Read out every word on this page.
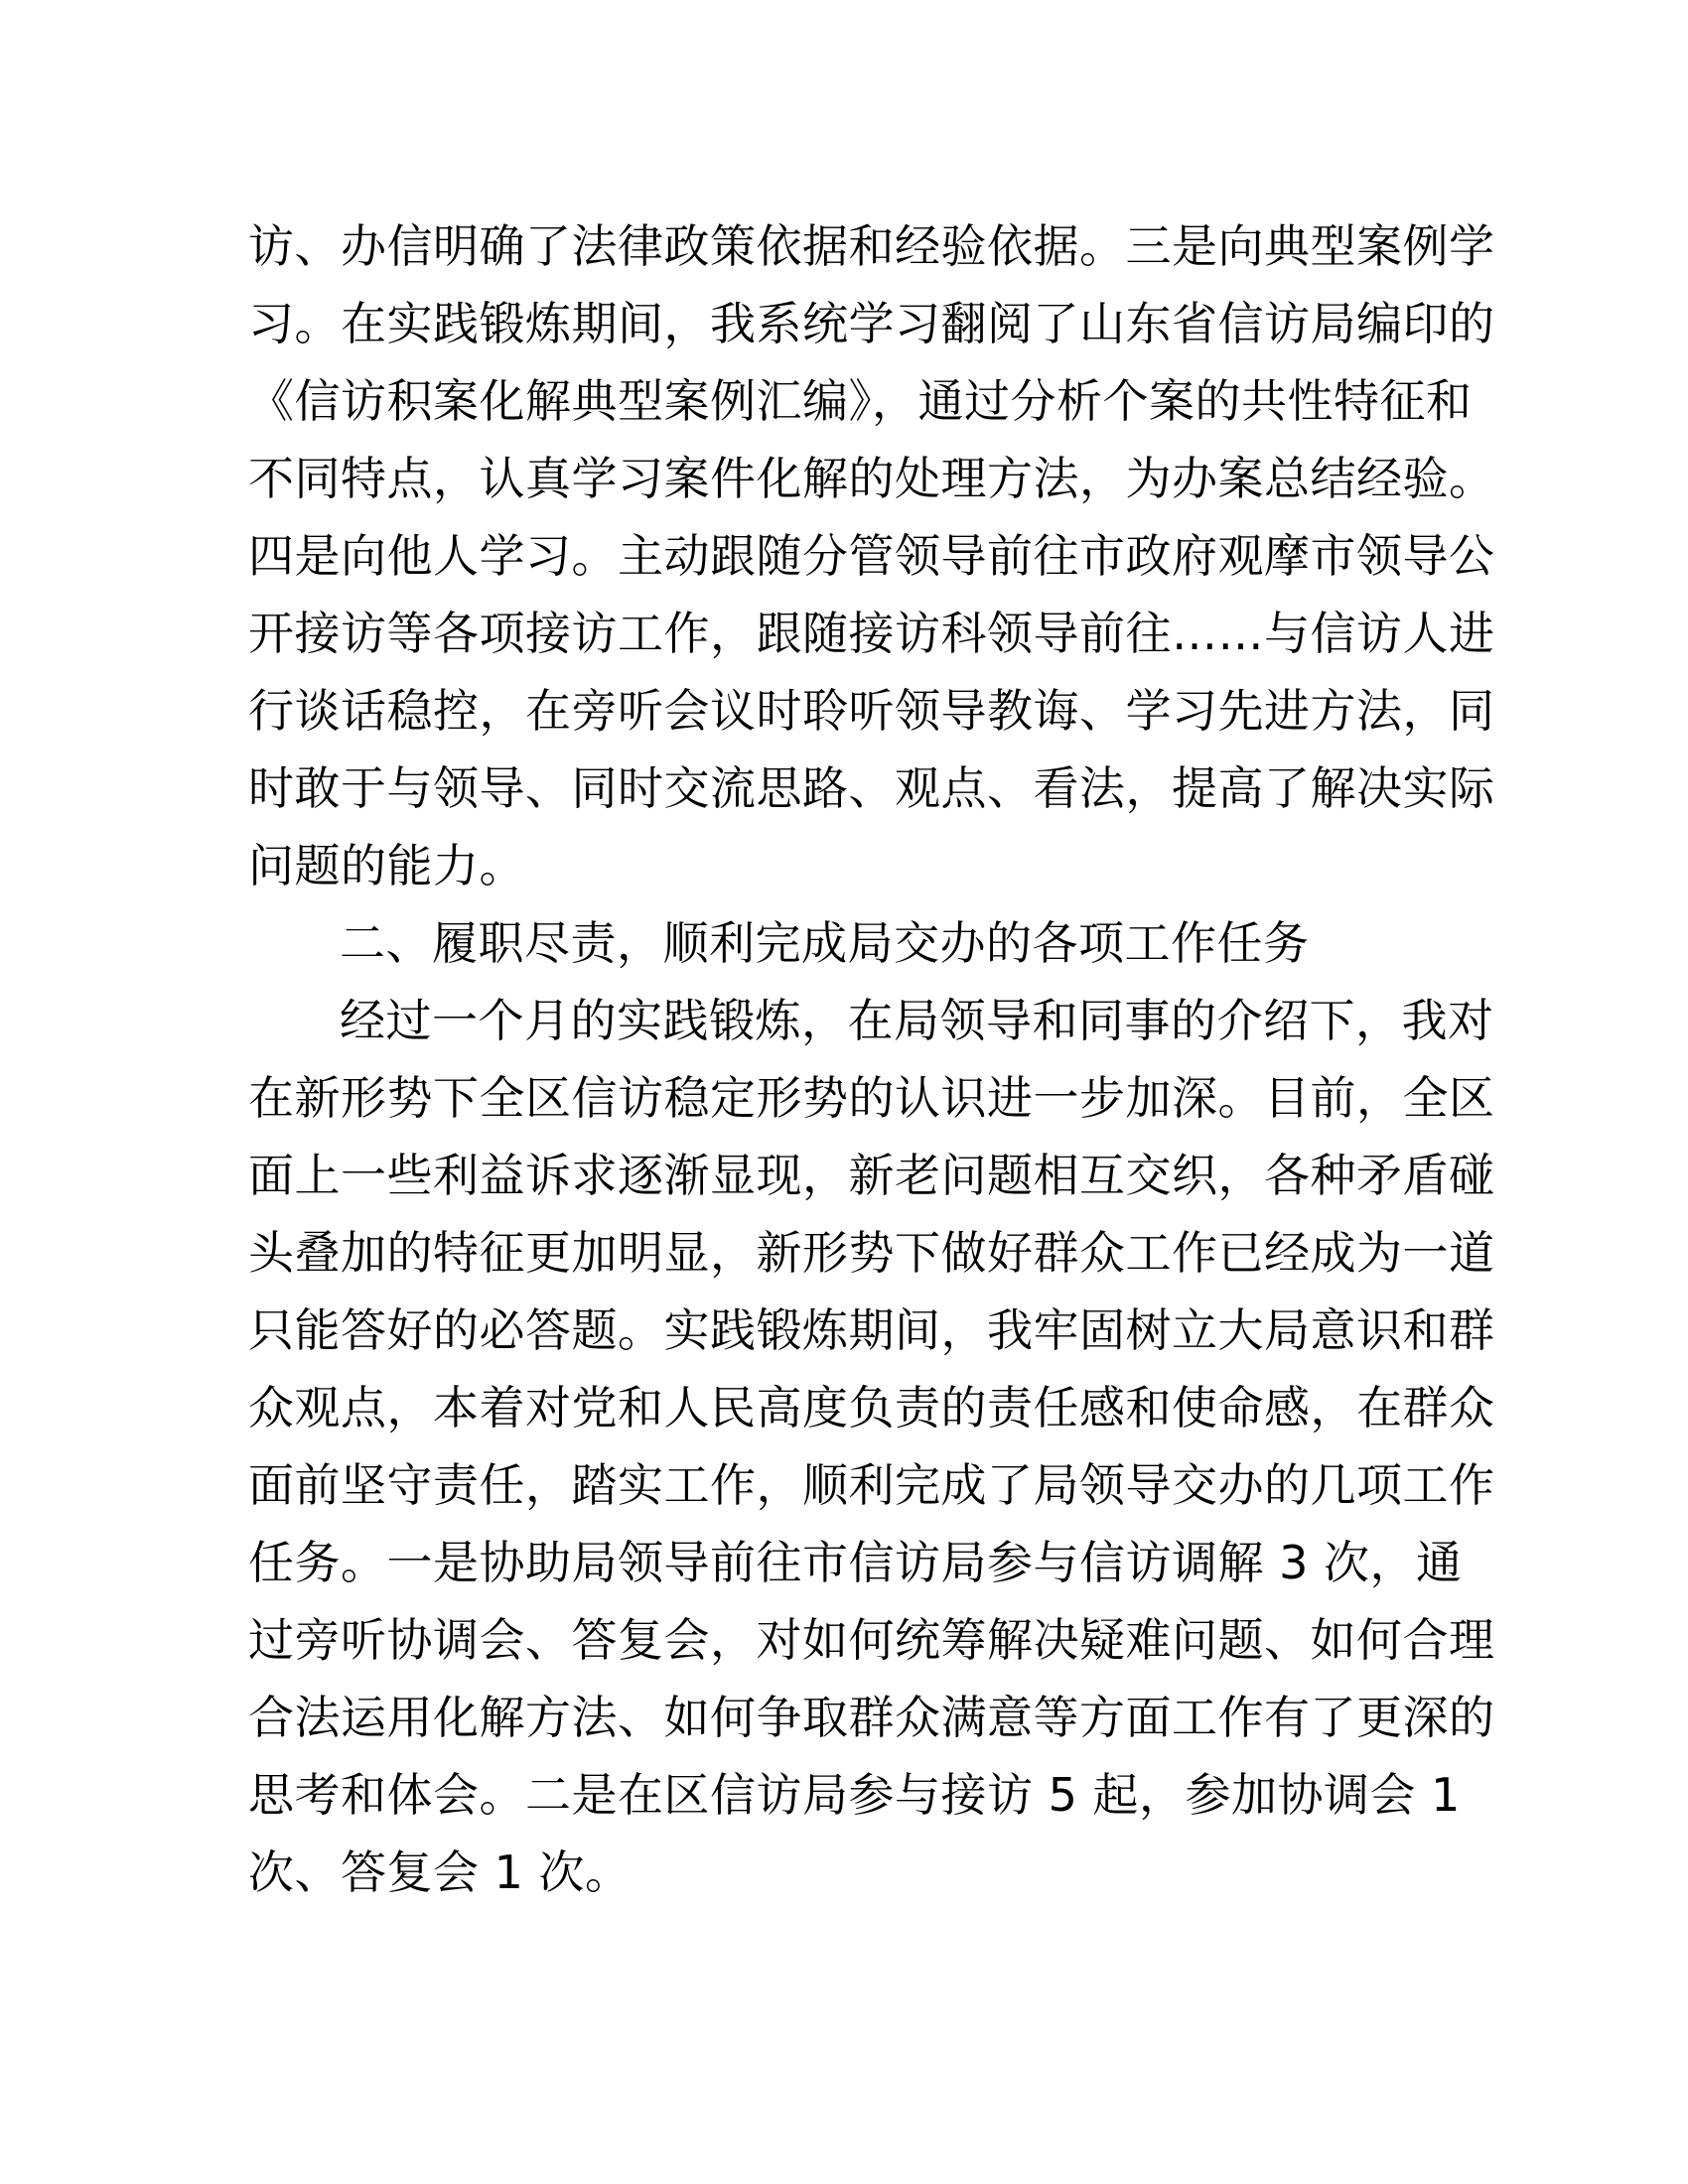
访、办信明确了法律政策依据和经验依据。三是向典型案例学
习。在实践锻炼期间，我系统学习翻阅了山东省信访局编印的
《信访积案化解典型案例汇编》，通过分析个案的共性特征和
不同特点，认真学习案件化解的处理方法，为办案总结经验。
四是向他人学习。主动跟随分管领导前往市政府观摩市领导公
开接访等各项接访工作，跟随接访科领导前往……与信访人进
行谈话稳控，在旁听会议时聆听领导教诲、学习先进方法，同
时敢于与领导、同时交流思路、观点、看法，提高了解决实际
问题的能力。
二、履职尽责，顺利完成局交办的各项工作任务
经过一个月的实践锻炼，在局领导和同事的介绍下，我对
在新形势下全区信访稳定形势的认识进一步加深。目前，全区
面上一些利益诉求逐渐显现，新老问题相互交织，各种矛盾碰
头叠加的特征更加明显，新形势下做好群众工作已经成为一道
只能答好的必答题。实践锻炼期间，我牢固树立大局意识和群
众观点，本着对党和人民高度负责的责任感和使命感，在群众
面前坚守责任，踏实工作，顺利完成了局领导交办的几项工作
任务。一是协助局领导前往市信访局参与信访调解 3 次，通
过旁听协调会、答复会，对如何统筹解决疑难问题、如何合理
合法运用化解方法、如何争取群众满意等方面工作有了更深的
思考和体会。二是在区信访局参与接访 5 起，参加协调会 1
次、答复会 1 次。
